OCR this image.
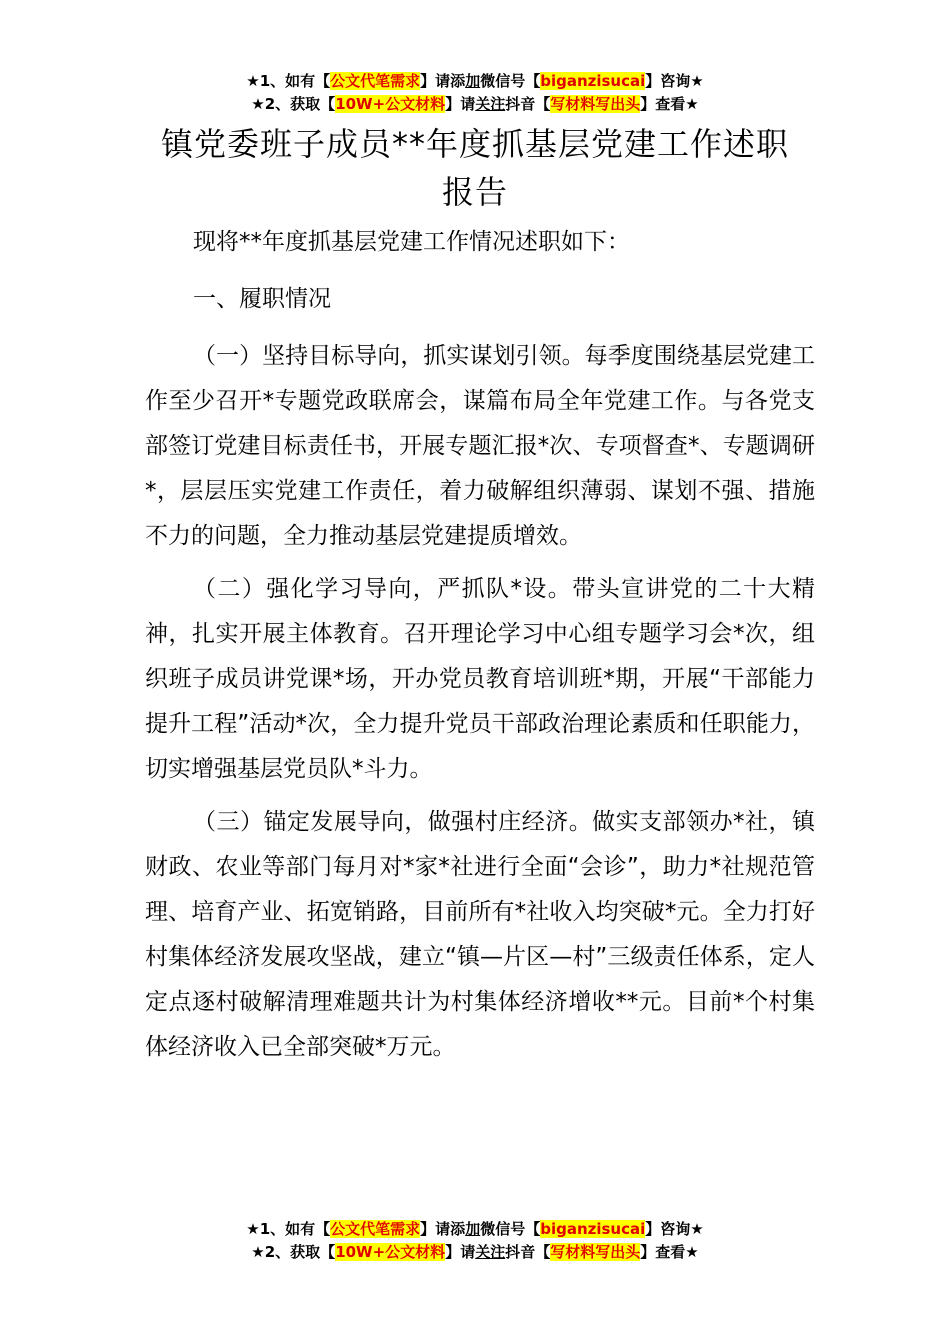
★1、如有【公文代笔需求】请添加微信号【biganzisucai】咨询★
★2、获取【10W+公文材料】请关注抖音【写材料写出头】查看★
镇党委班子成员**年度抓基层党建工作述职
报告

现将**年度抓基层党建工作情况述职如下：

一、履职情况

（一）坚持目标导向，抓实谋划引领。每季度围绕基层党建工作至少召开*专题党政联席会，谋篇布局全年党建工作。与各党支部签订党建目标责任书，开展专题汇报*次、专项督查*、专题调研*，层层压实党建工作责任，着力破解组织薄弱、谋划不强、措施不力的问题，全力推动基层党建提质增效。

（二）强化学习导向，严抓队*设。带头宣讲党的二十大精神，扎实开展主体教育。召开理论学习中心组专题学习会*次，组织班子成员讲党课*场，开办党员教育培训班*期，开展“干部能力提升工程”活动*次，全力提升党员干部政治理论素质和任职能力，切实增强基层党员队*斗力。

（三）锚定发展导向，做强村庄经济。做实支部领办*社，镇财政、农业等部门每月对*家*社进行全面“会诊”，助力*社规范管理、培育产业、拓宽销路，目前所有*社收入均突破*元。全力打好村集体经济发展攻坚战，建立“镇—片区—村”三级责任体系，定人定点逐村破解清理难题共计为村集体经济增收**元。目前*个村集体经济收入已全部突破*万元。

★1、如有【公文代笔需求】请添加微信号【biganzisucai】咨询★
★2、获取【10W+公文材料】请关注抖音【写材料写出头】查看★
